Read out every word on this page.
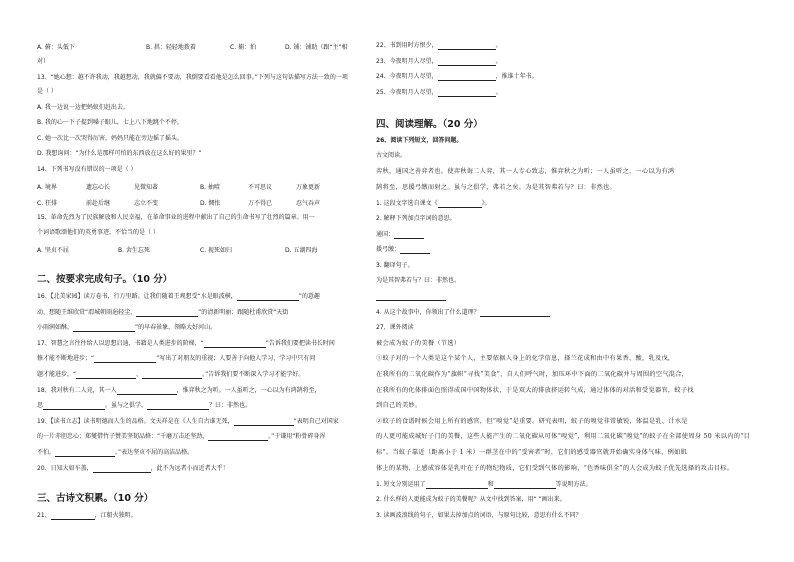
A. 俯：头低下	B. 拱：轻轻地拨着	C. 捕：拍	D. 铺：铺助（跟“主”相
对）
13、“她心想：越不许我动，我越想动，我就偏不要动，我倒要看看他是怎么回事。”下列与这句话描写方法一致的一项
是（ ）
A. 我一边说一边把蚂蚁们赶出去。
B. 我的心一下子提到嗓子眼儿，七上八下地跳个不停。
C. 她一次比一次哭得厉害，妈妈只能在旁边摇了摇头。
D. 我想询问：“为什么是那样可怕的东西放在这么好的果里？”
14、下列书写没有错误的一项是（ ）
A. 境界	遗忘心长	见微知著	B. 抽噎	不可思议	万象更新
C. 狂排	前赴后继	志立不变	D. 惆怅	万不得已	忍气吞声
15、革命先烈为了民族解放和人民幸福，在革命事业的进程中献出了自己的生命书写了壮烈的篇章。用一
个词语歌颂他们的英勇事迹，不恰当的是（ ）
A. 坚贞不屈	B. 舍生忘死	C. 视死如归	D. 五湖四海
二、按要求完成句子。（10 分）
16、【北美家园】读万卷书，行万里路。让我们随着王观想受“水是眼波横，	”的意趣
动，想随王维欣赏“渭城朝雨浥轻尘，	”的清新明丽；跟随杜甫欣赏“天街
小雨润如酥，	”的早春景象，领略大好河山。
17、智慧之言往往给人以思想启迪，书籍是人类进步的阶梯，“	”告诉我们要把读书长时间
修才能不断地进步；“	”写出了对朋友的重视；人要善于向他人学习，学习中只有问
题才能进步，“	，	。”告诉我们要不断深入学习才能学好。
18、我对秋有二人竟，其一人	，惟弈秋之为听。一人虽听之，一心以为有鸿鹄将至，
思	。虽与之俱学，	？曰：非然也。
19、【读书立志】读书明德而人生的品格。文天祥是在《人生自古谁无死，	”表明自己对国家
的一片赤胆忠心；郑燮借竹子赞美坚韧品格：“千磨万击还坚劲，	。”于谦用“粉骨碎身浑
不怕，	。”表达坚贞不屈的高洁品格。
20、日知大如车盖，	，此不为远者小而近者大乎！
三、古诗文积累。（10 分）
21、	，江船火独明。
22、书到用时方恨少，	。
23、今夜明月人尽望，	。
24、今夜明月人尽望，	，推谁十年书。
25、今夜明月人尽望，	。
四、阅读理解。（20 分）
26、阅读下列短文，回答问题。
古文阅读。
弈秋，通国之善弈者也。使弈秋诲二人弈，其一人专心致志，惟弈秋之为听；一人虽听之，一心以为有鸿
鹄将至，思援弓缴而射之。虽与之俱学，弗若之矣。为是其智弗若与？曰：非然也。
1. 这段文字选自课文《	》。
2. 解释下列加点字词的意思。
通国：
援弓缴：
3. 翻译句子。
为是其智弗若与？曰：非然也。
4. 从这个故事中，你领出了什么道理？
27、课外阅读
被会成为蚊子的美餐（节选）
①蚊子对的一个人类是这个某个人，主要依据人身上的化学信息，择兰花成和由中有果香、酸，乳及戊，
在我所有的二氧化碳作为“旗帜”寻找“美食”，自人们呼气时，加压环中下面的二氧化碳并与周围的空气混合，
在我所有的化体排面色照得成国中国物体状，于是双大的排放挤运转气成，通过体体的对活和受觉器官，蚊子找
到自己的美妙。
②蚊子的食谱时候会用上所有的感官，但“嗅觉”是重要。研究表明，蚊子的嗅觉非常敏锐，体温是乳、计水是
的人更可能成城好子门的美餐，这些人能产生的二氧化碳从可体“嗅觉”，利用二氧化碳“嗅觉”的蚊子在全部使周身 50 米以内的“目
标”。当蚊子靠近（距离小于 1 米）一群茎在中的“受害者”时，它们的感受器官就开始确实身体气味，例如肌
体上的某物、上感成容体是乳叶在子的物纪物质，它们受到气体的影响，“色香味俱全”的人会成为蚊子优先选择的攻击目标。
1. 短文分别运用了	和	等说明方法。
2. 什么样的人更能成为蚊子的美餐呢？从文中找到答案，用“ ”画出来。
3. 读画波浪线的句子，如果去掉加点的词语，与原句比较，意思有什么不同？
